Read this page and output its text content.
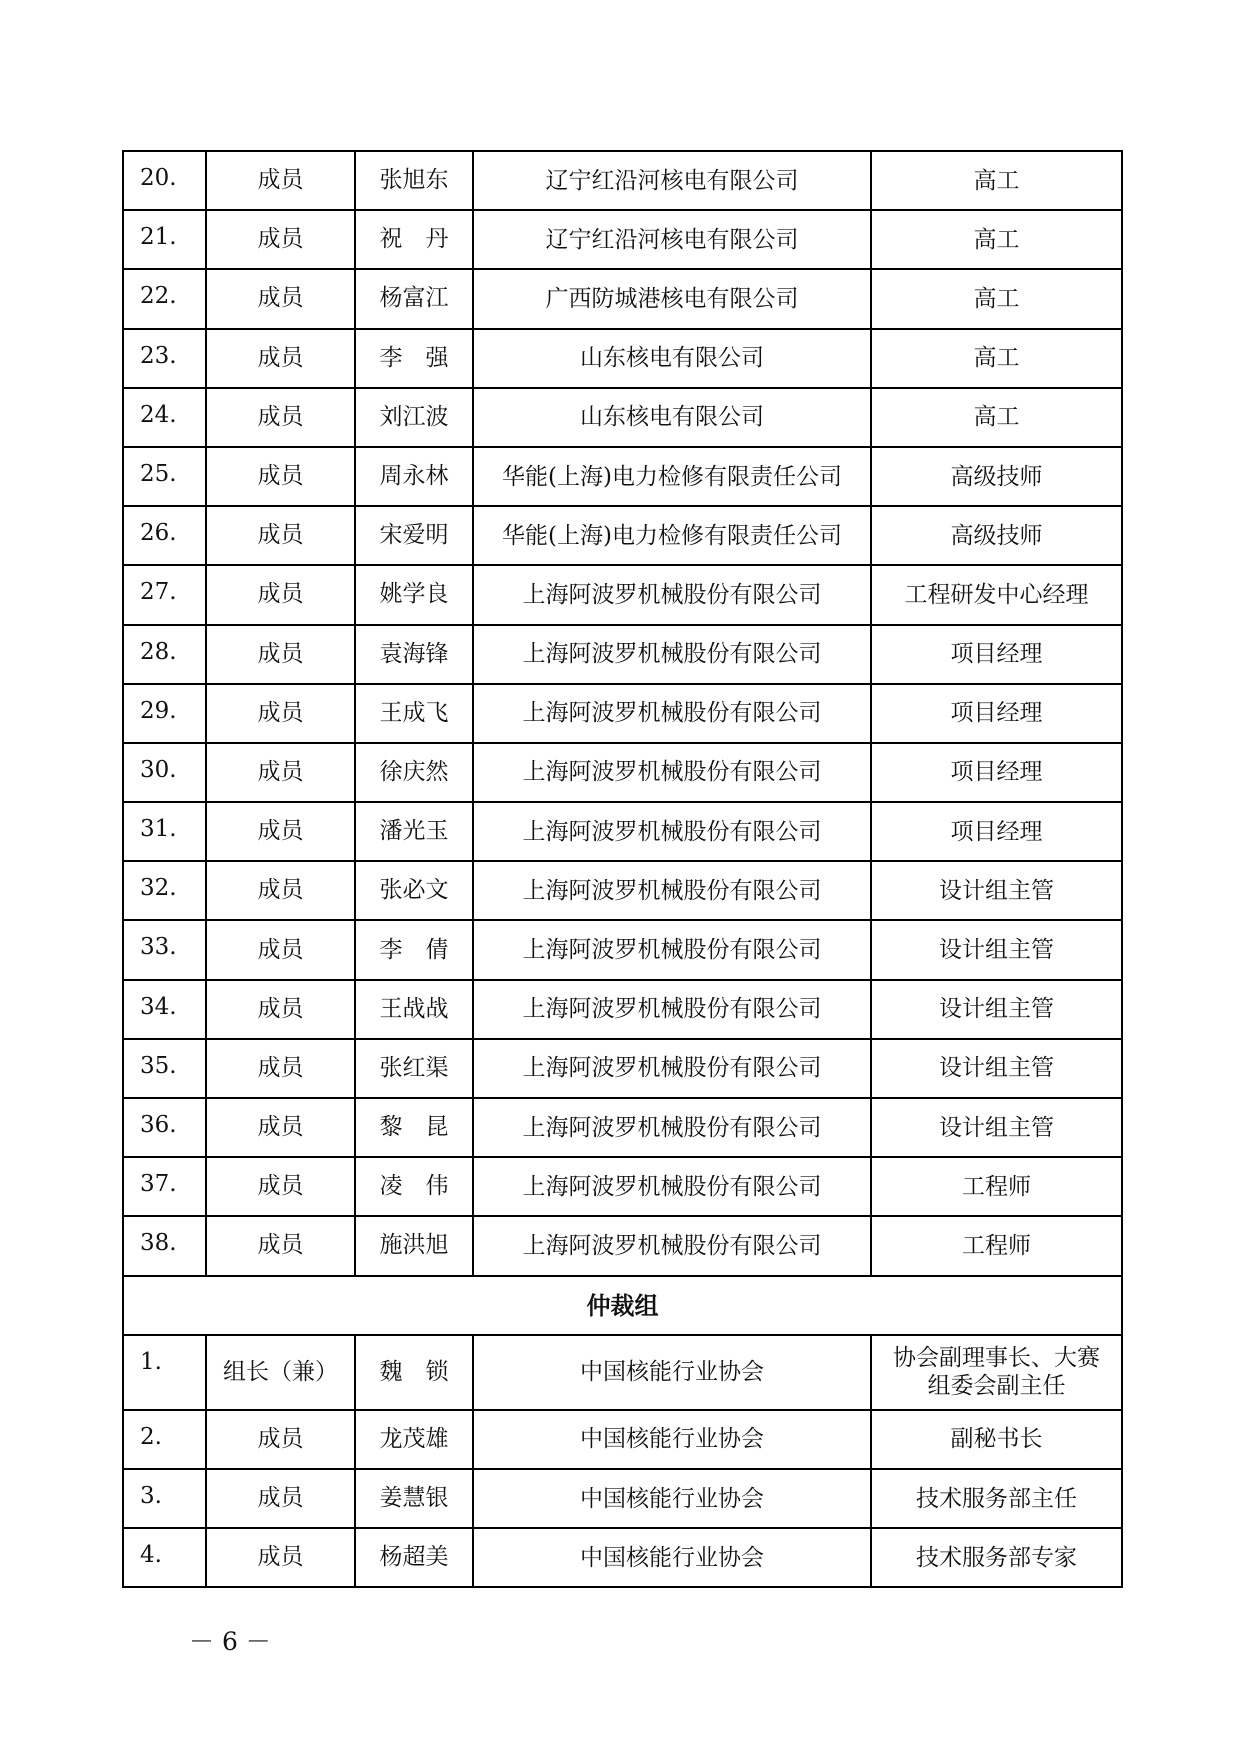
20.	成员	张旭东	辽宁红沿河核电有限公司	高工
21.	成员	祝　丹	辽宁红沿河核电有限公司	高工
22.	成员	杨富江	广西防城港核电有限公司	高工
23.	成员	李　强	山东核电有限公司	高工
24.	成员	刘江波	山东核电有限公司	高工
25.	成员	周永林	华能(上海)电力检修有限责任公司	高级技师
26.	成员	宋爱明	华能(上海)电力检修有限责任公司	高级技师
27.	成员	姚学良	上海阿波罗机械股份有限公司	工程研发中心经理
28.	成员	袁海锋	上海阿波罗机械股份有限公司	项目经理
29.	成员	王成飞	上海阿波罗机械股份有限公司	项目经理
30.	成员	徐庆然	上海阿波罗机械股份有限公司	项目经理
31.	成员	潘光玉	上海阿波罗机械股份有限公司	项目经理
32.	成员	张必文	上海阿波罗机械股份有限公司	设计组主管
33.	成员	李　倩	上海阿波罗机械股份有限公司	设计组主管
34.	成员	王战战	上海阿波罗机械股份有限公司	设计组主管
35.	成员	张红渠	上海阿波罗机械股份有限公司	设计组主管
36.	成员	黎　昆	上海阿波罗机械股份有限公司	设计组主管
37.	成员	凌　伟	上海阿波罗机械股份有限公司	工程师
38.	成员	施洪旭	上海阿波罗机械股份有限公司	工程师
仲裁组				
1.	组长（兼）	魏　锁	中国核能行业协会	协会副理事长、大赛组委会副主任
2.	成员	龙茂雄	中国核能行业协会	副秘书长
3.	成员	姜慧银	中国核能行业协会	技术服务部主任
4.	成员	杨超美	中国核能行业协会	技术服务部专家
－ 6 －
